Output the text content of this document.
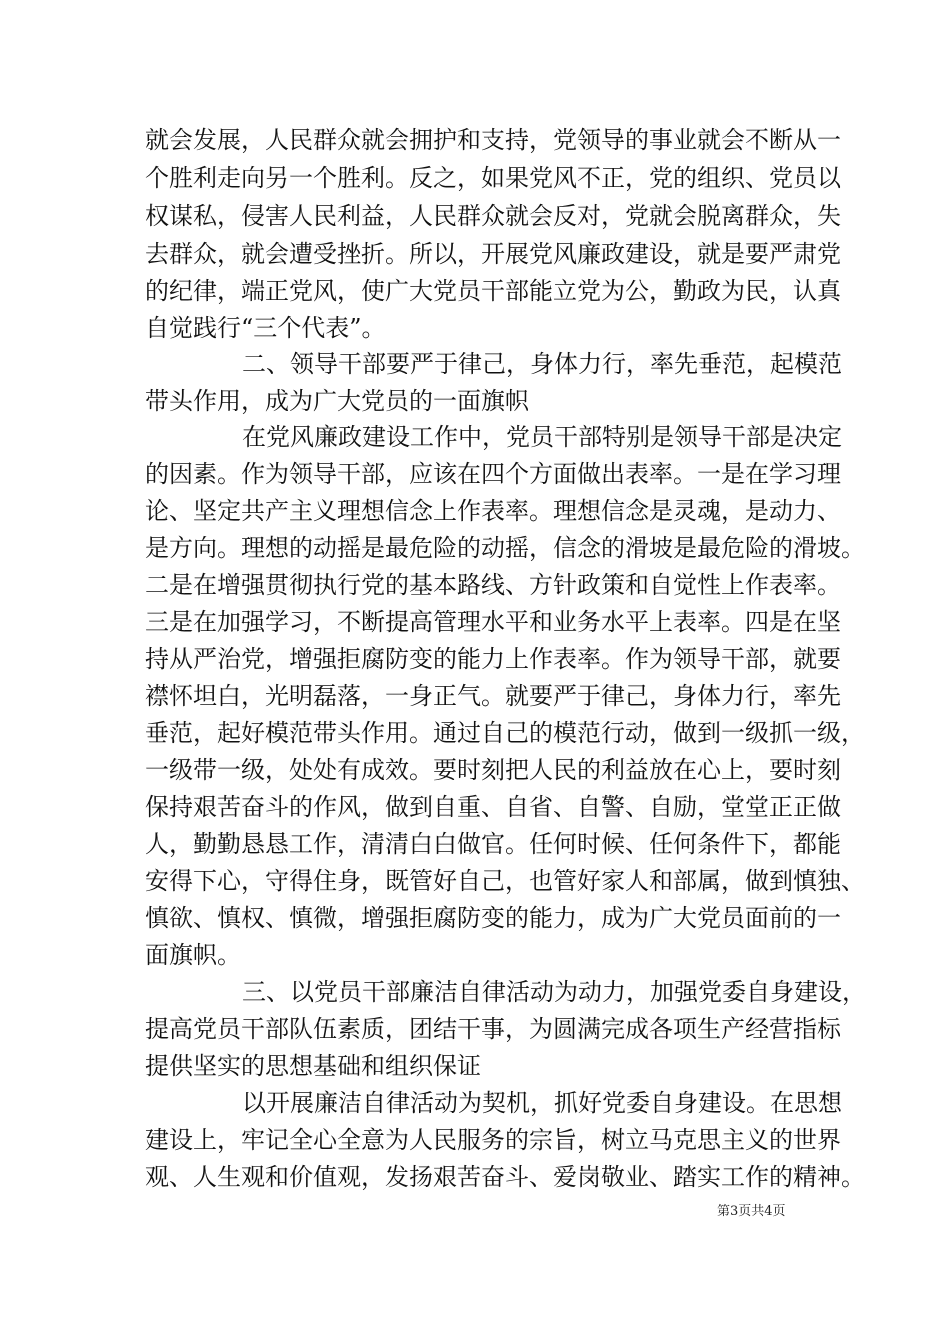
就会发展，人民群众就会拥护和支持，党领导的事业就会不断从一
个胜利走向另一个胜利。反之，如果党风不正，党的组织、党员以
权谋私，侵害人民利益，人民群众就会反对，党就会脱离群众，失
去群众，就会遭受挫折。所以，开展党风廉政建设，就是要严肃党
的纪律，端正党风，使广大党员干部能立党为公，勤政为民，认真
自觉践行“三个代表”。
二、领导干部要严于律己，身体力行，率先垂范，起模范
带头作用，成为广大党员的一面旗帜
在党风廉政建设工作中，党员干部特别是领导干部是决定
的因素。作为领导干部，应该在四个方面做出表率。一是在学习理
论、坚定共产主义理想信念上作表率。理想信念是灵魂，是动力、
是方向。理想的动摇是最危险的动摇，信念的滑坡是最危险的滑坡。
二是在增强贯彻执行党的基本路线、方针政策和自觉性上作表率。
三是在加强学习，不断提高管理水平和业务水平上表率。四是在坚
持从严治党，增强拒腐防变的能力上作表率。作为领导干部，就要
襟怀坦白，光明磊落，一身正气。就要严于律己，身体力行，率先
垂范，起好模范带头作用。通过自己的模范行动，做到一级抓一级，
一级带一级，处处有成效。要时刻把人民的利益放在心上，要时刻
保持艰苦奋斗的作风，做到自重、自省、自警、自励，堂堂正正做
人，勤勤恳恳工作，清清白白做官。任何时候、任何条件下，都能
安得下心，守得住身，既管好自己，也管好家人和部属，做到慎独、
慎欲、慎权、慎微，增强拒腐防变的能力，成为广大党员面前的一
面旗帜。
三、以党员干部廉洁自律活动为动力，加强党委自身建设，
提高党员干部队伍素质，团结干事，为圆满完成各项生产经营指标
提供坚实的思想基础和组织保证
以开展廉洁自律活动为契机，抓好党委自身建设。在思想
建设上，牢记全心全意为人民服务的宗旨，树立马克思主义的世界
观、人生观和价值观，发扬艰苦奋斗、爱岗敬业、踏实工作的精神。
第3页共4页
